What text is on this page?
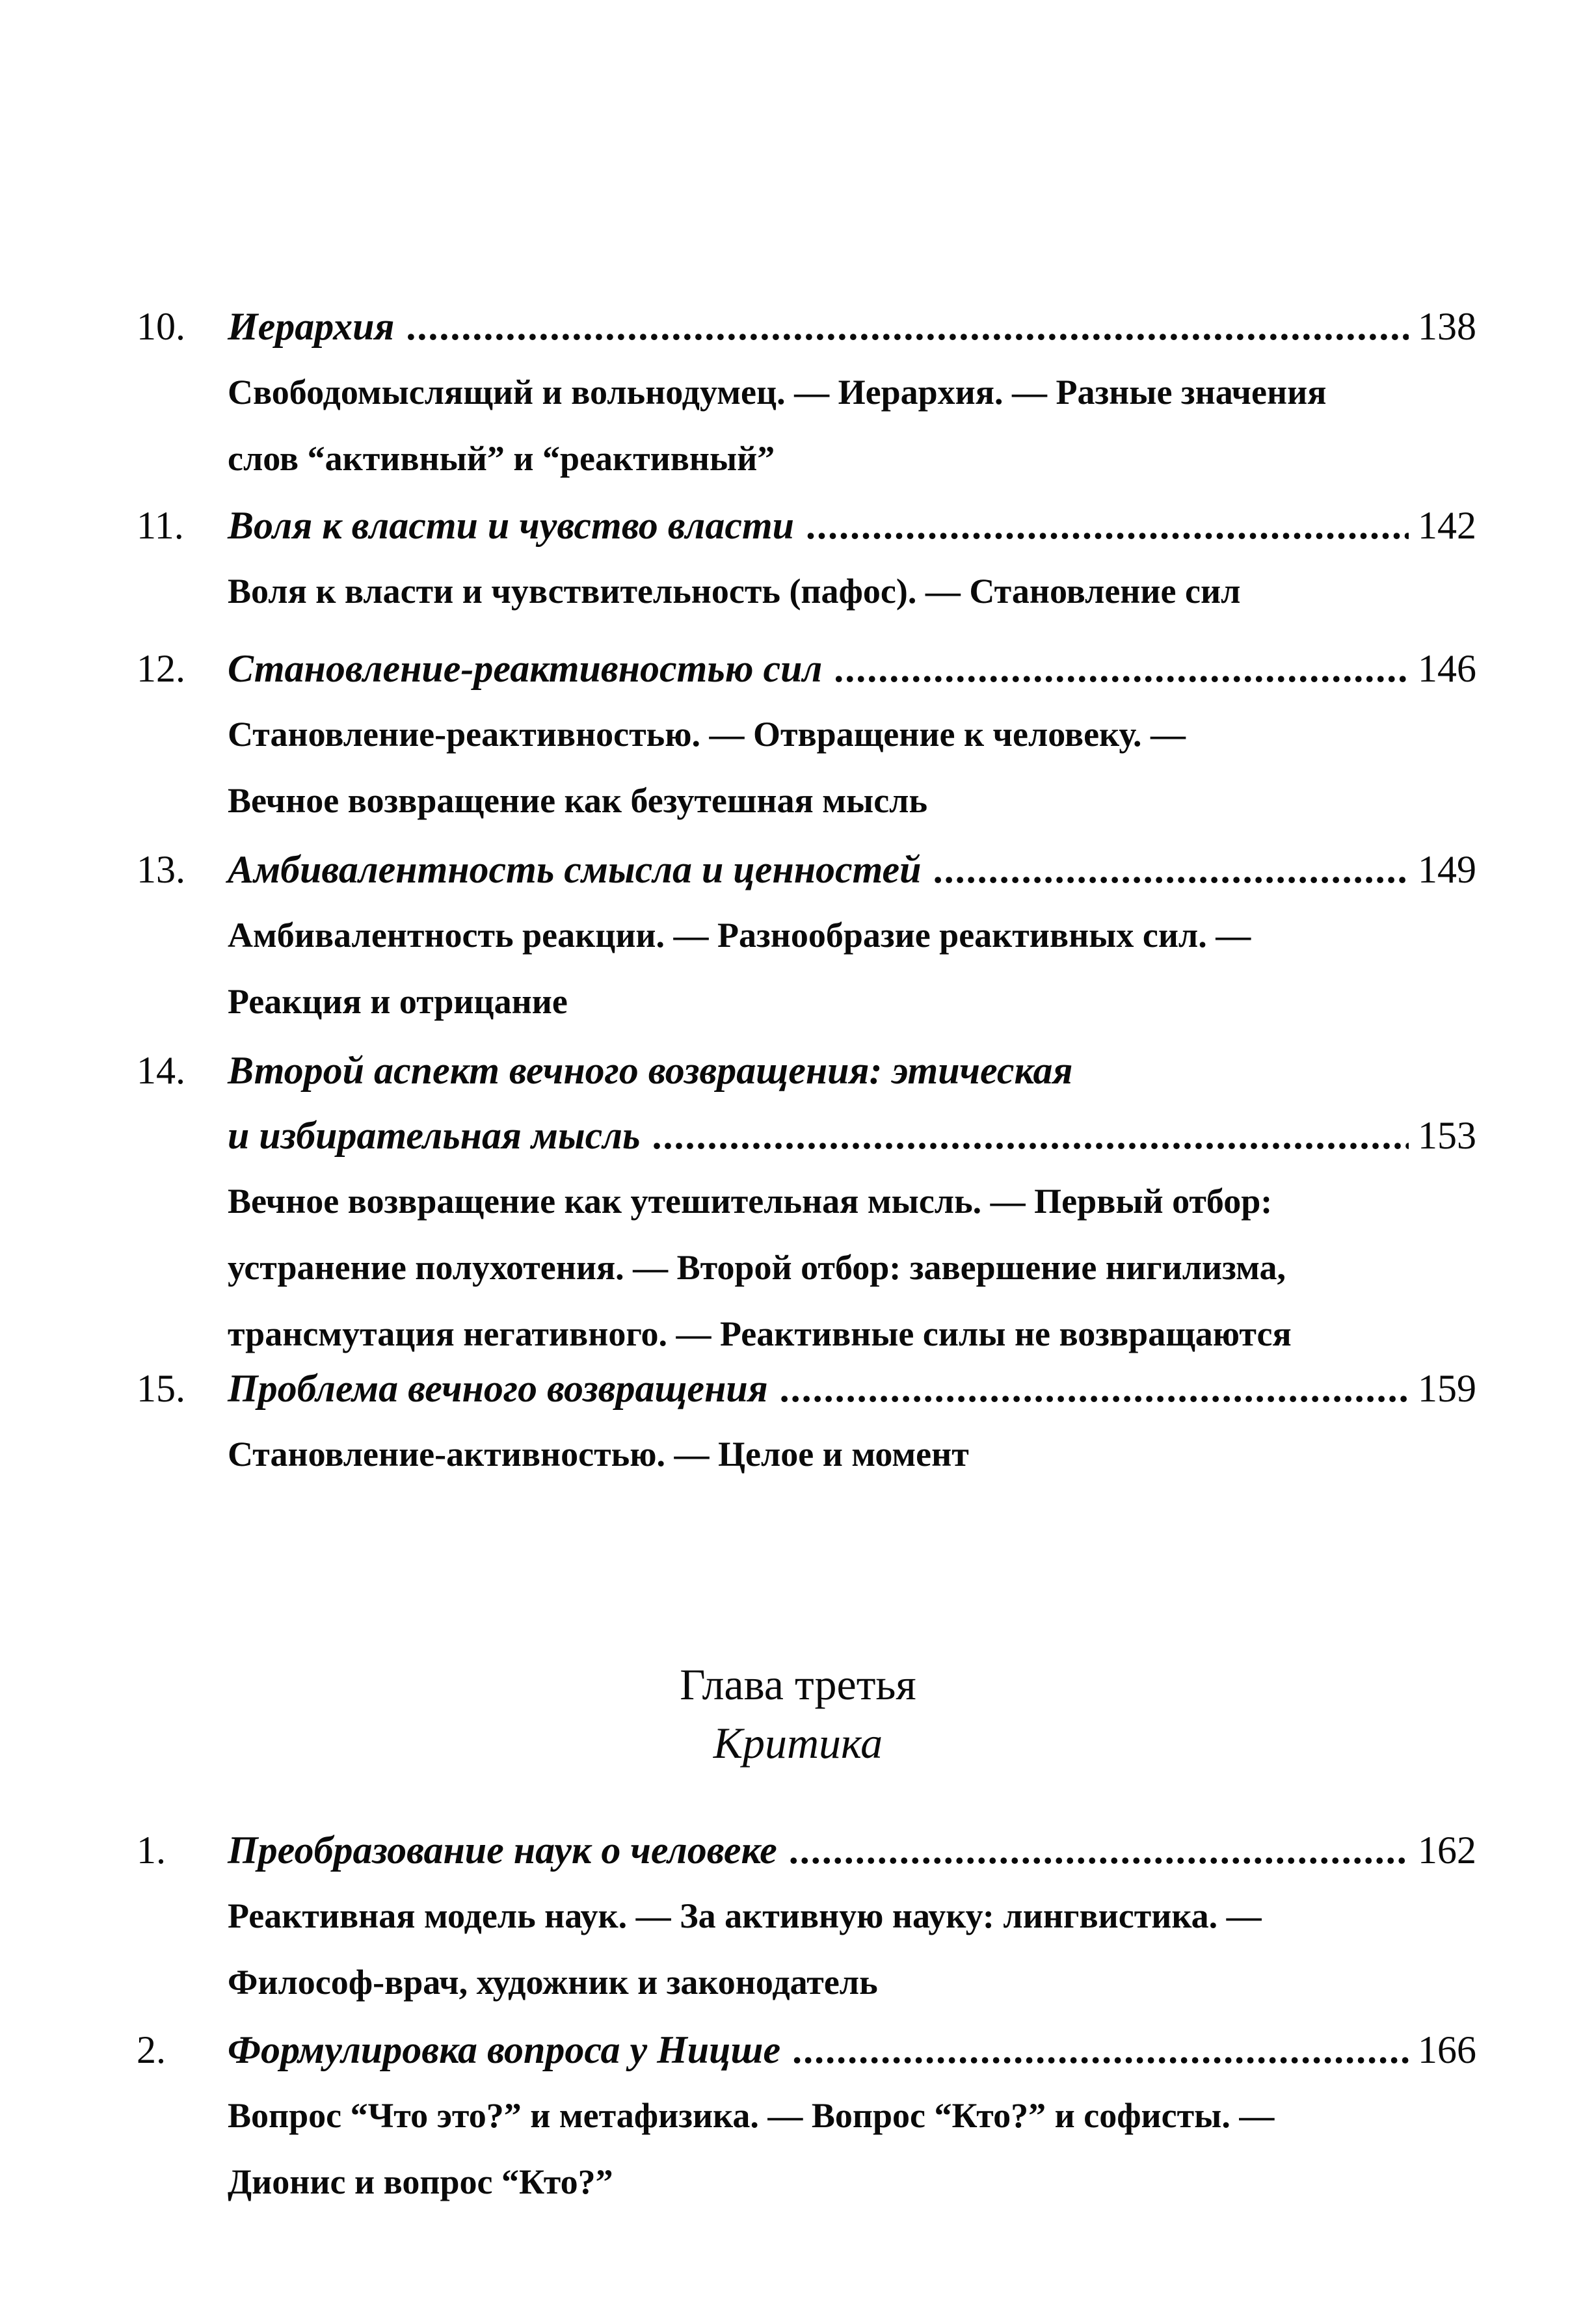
10. Иерархия .....	138
Свободомыслящий и вольнодумец. — Иерархия. — Разные значения
слов “активный” и “реактивный”
11. Воля к власти и чувство власти .....	142
Воля к власти и чувствительность (пафос). — Становление сил
12. Становление-реактивностью сил .....	146
Становление-реактивностью. — Отвращение к человеку. —
Вечное возвращение как безутешная мысль
13. Амбивалентность смысла и ценностей .....	149
Амбивалентность реакции. — Разнообразие реактивных сил. —
Реакция и отрицание
14. Второй аспект вечного возвращения: этическая
и избирательная мысль .....	153
Вечное возвращение как утешительная мысль. — Первый отбор:
устранение полухотения. — Второй отбор: завершение нигилизма,
трансмутация негативного. — Реактивные силы не возвращаются
15. Проблема вечного возвращения .....	159
Становление-активностью. — Целое и момент
Глава третья
Критика
1. Преобразование наук о человеке .....	162
Реактивная модель наук. — За активную науку: лингвистика. —
Философ-врач, художник и законодатель
2. Формулировка вопроса у Ницше .....	166
Вопрос “Что это?” и метафизика. — Вопрос “Кто?” и софисты. —
Дионис и вопрос “Кто?”
